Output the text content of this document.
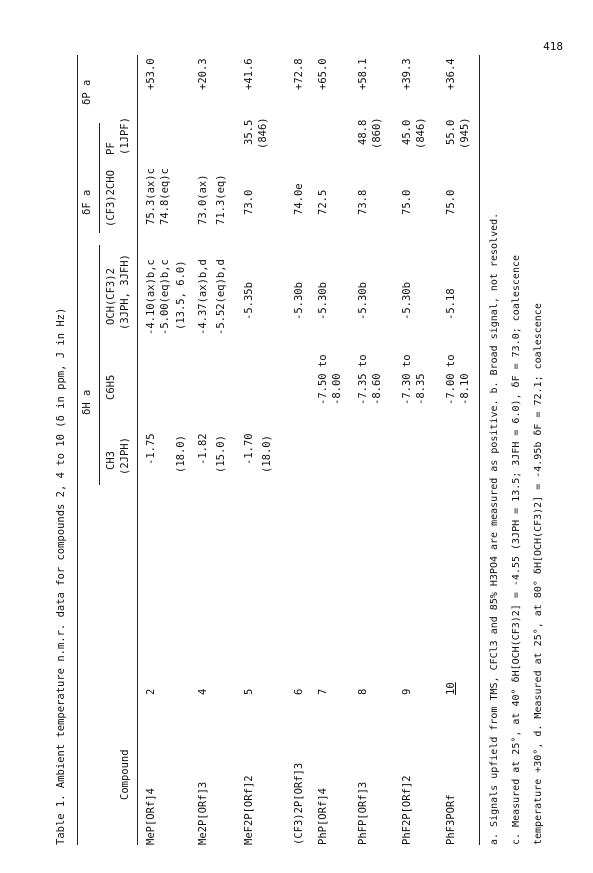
418
Table 1. Ambient temperature n.m.r. data for compounds 2, 4 to 10 (δ in ppm, J in Hz) δH a
δF a
δP a
Compound
CH3 (2JPH)
C6H5
OCH(CF3)2 (3JPH, 3JFH)
(CF3)2CHO
PF (1JPF)
MeP[ORf]4
2
-1.75 (18.0)
-4.10(ax)b,c -5.00(eq)b,c (13.5, 6.0)
75.3(ax)c 74.8(eq)c
+53.0
Me2P[ORf]3
4
-1.82 (15.0)
-4.37(ax)b,d -5.52(eq)b,d
73.0(ax) 71.3(eq)
+20.3
MeF2P[ORf]2
5
-1.70 (18.0)
-5.35b
73.0
35.5 (846)
+41.6
(CF3)2P[ORf]3
6
-5.30b
74.0e
+72.8
PhP[ORf]4
7
-7.50 to -8.00
-5.30b
72.5
+65.0
PhFP[ORf]3
8
-7.35 to -8.60
-5.30b
73.8
48.8 (860)
+58.1
PhF2P[ORf]2
9
-7.30 to -8.35
-5.30b
75.0
45.0 (846)
+39.3
PhF3PORf
10
-7.00 to -8.10
-5.18
75.0
55.0 (945)
+36.4
a. Signals upfield from TMS, CFCl3 and 85% H3PO4 are measured as positive. b. Broad signal, not resolved. c. Measured at 25°, at 40° δH[OCH(CF3)2] = -4.55 (3JPH = 13.5; 3JFH = 6.0), δF = 73.0; coalescence temperature +30°, d. Measured at 25°, at 80° δH[OCH(CF3)2] = -4.95b δF = 72.1; coalescence
